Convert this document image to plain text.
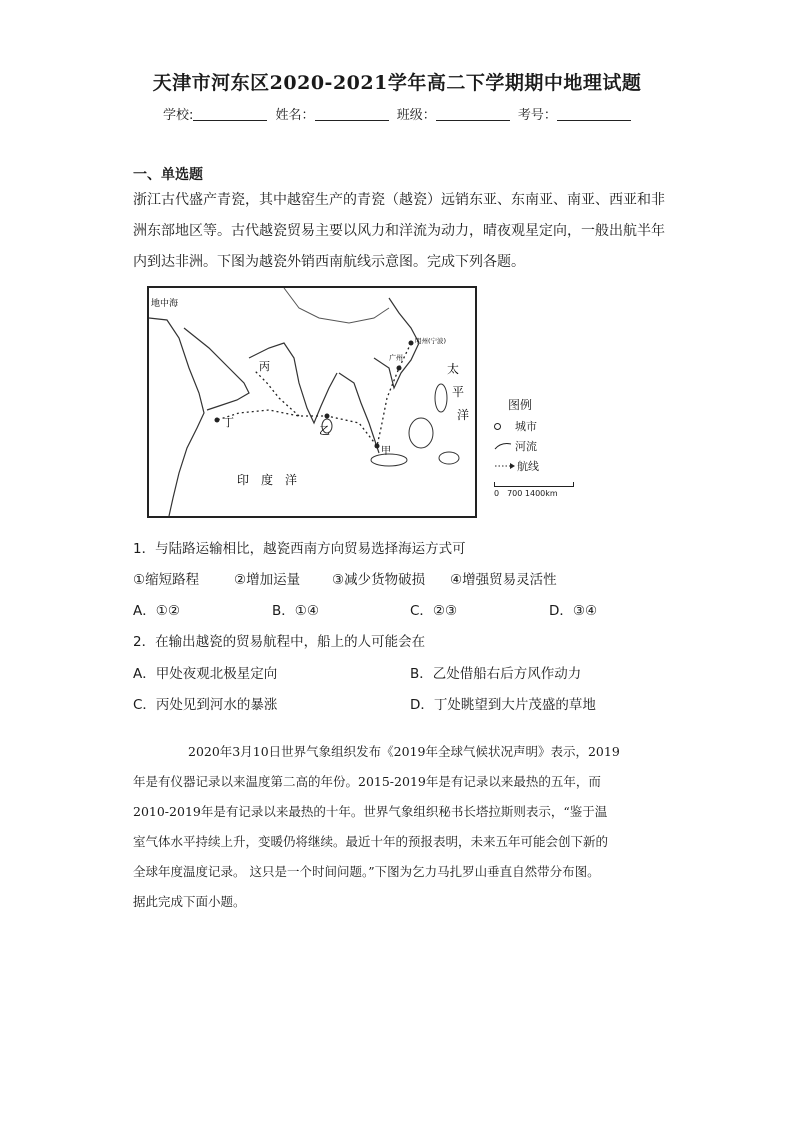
天津市河东区2020-2021学年高二下学期期中地理试题
学校:	姓名：	班级：	考号：
一、单选题
浙江古代盛产青瓷，其中越窑生产的青瓷（越瓷）远销东亚、东南亚、南亚、西亚和非
洲东部地区等。古代越瓷贸易主要以风力和洋流为动力，晴夜观星定向，一般出航半年
内到达非洲。下图为越瓷外销西南航线示意图。完成下列各题。
地中海
丙
丁
乙
甲
广州
明州(宁波)
太
平
洋
印　度　洋
图例
城市
河流
航线
0　700 1400km
1．与陆路运输相比，越瓷西南方向贸易选择海运方式可
①缩短路程	②增加运量 ③减少货物破损 ④增强贸易灵活性
A．①②	B．①④	C．②③	D．③④
2．在输出越瓷的贸易航程中，船上的人可能会在
A．甲处夜观北极星定向	B．乙处借船右后方风作动力
C．丙处见到河水的暴涨	D．丁处眺望到大片茂盛的草地
2020年3月10日世界气象组织发布《2019年全球气候状况声明》表示，2019
年是有仪器记录以来温度第二高的年份。2015-2019年是有记录以来最热的五年，而
2010-2019年是有记录以来最热的十年。世界气象组织秘书长塔拉斯则表示，“鉴于温
室气体水平持续上升，变暖仍将继续。最近十年的预报表明，未来五年可能会创下新的
全球年度温度记录。 这只是一个时间问题。”下图为乞力马扎罗山垂直自然带分布图。
据此完成下面小题。
